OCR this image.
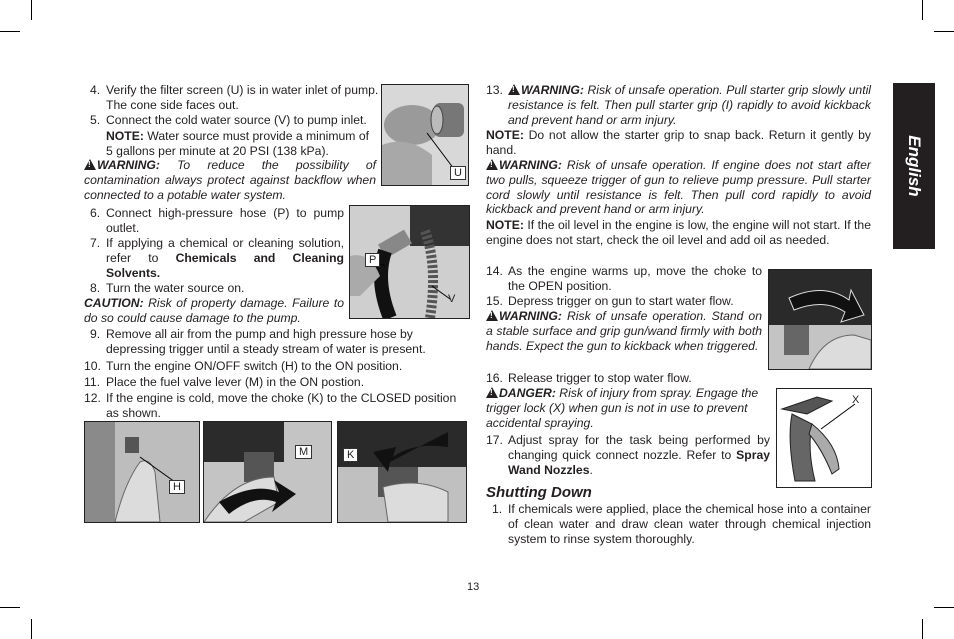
English
4. Verify the filter screen (U) is in water inlet of pump. The cone side faces out.
5. Connect the cold water source (V) to pump inlet.
NOTE: Water source must provide a minimum of 5 gallons per minute at 20 PSI (138 kPa).
!WARNING: To reduce the possibility of contamination always protect against backflow when connected to a potable water system.
6. Connect high-pressure hose (P) to pump outlet.
7. If applying a chemical or cleaning solution, refer to Chemicals and Cleaning Solvents.
8. Turn the water source on.
CAUTION: Risk of property damage. Failure to do so could cause damage to the pump.
9. Remove all air from the pump and high pressure hose by depressing trigger until a steady stream of water is present.
10. Turn the engine ON/OFF switch (H) to the ON position.
11. Place the fuel valve lever (M) in the ON postion.
12. If the engine is cold, move the choke (K) to the CLOSED position as shown.
U
P
V
H
M	K
13.
!	WARNING: Risk of unsafe operation. Pull starter grip slowly until resistance is felt. Then pull starter grip (I) rapidly to avoid kickback and prevent hand or arm injury.
NOTE: Do not allow the starter grip to snap back. Return it gently by hand.
!WARNING: Risk of unsafe operation. If engine does not start after two pulls, squeeze trigger of gun to relieve pump pressure. Pull starter cord slowly until resistance is felt. Then pull cord rapidly to avoid kickback and prevent hand or arm injury.
NOTE: If the oil level in the engine is low, the engine will not start. If the engine does not start, check the oil level and add oil as needed.
14. As the engine warms up, move the choke to the OPEN position.
15. Depress trigger on gun to start water flow.
!WARNING: Risk of unsafe operation. Stand on a stable surface and grip gun/wand firmly with both hands. Expect the gun to kickback when triggered.
16. Release trigger to stop water flow.
!DANGER: Risk of injury from spray. Engage the trigger lock (X) when gun is not in use to prevent accidental spraying.
17. Adjust spray for the task being performed by changing quick connect nozzle. Refer to Spray Wand Nozzles.
Shutting Down
1. If chemicals were applied, place the chemical hose into a container of clean water and draw clean water through chemical injection system to rinse system thoroughly.
X
13
